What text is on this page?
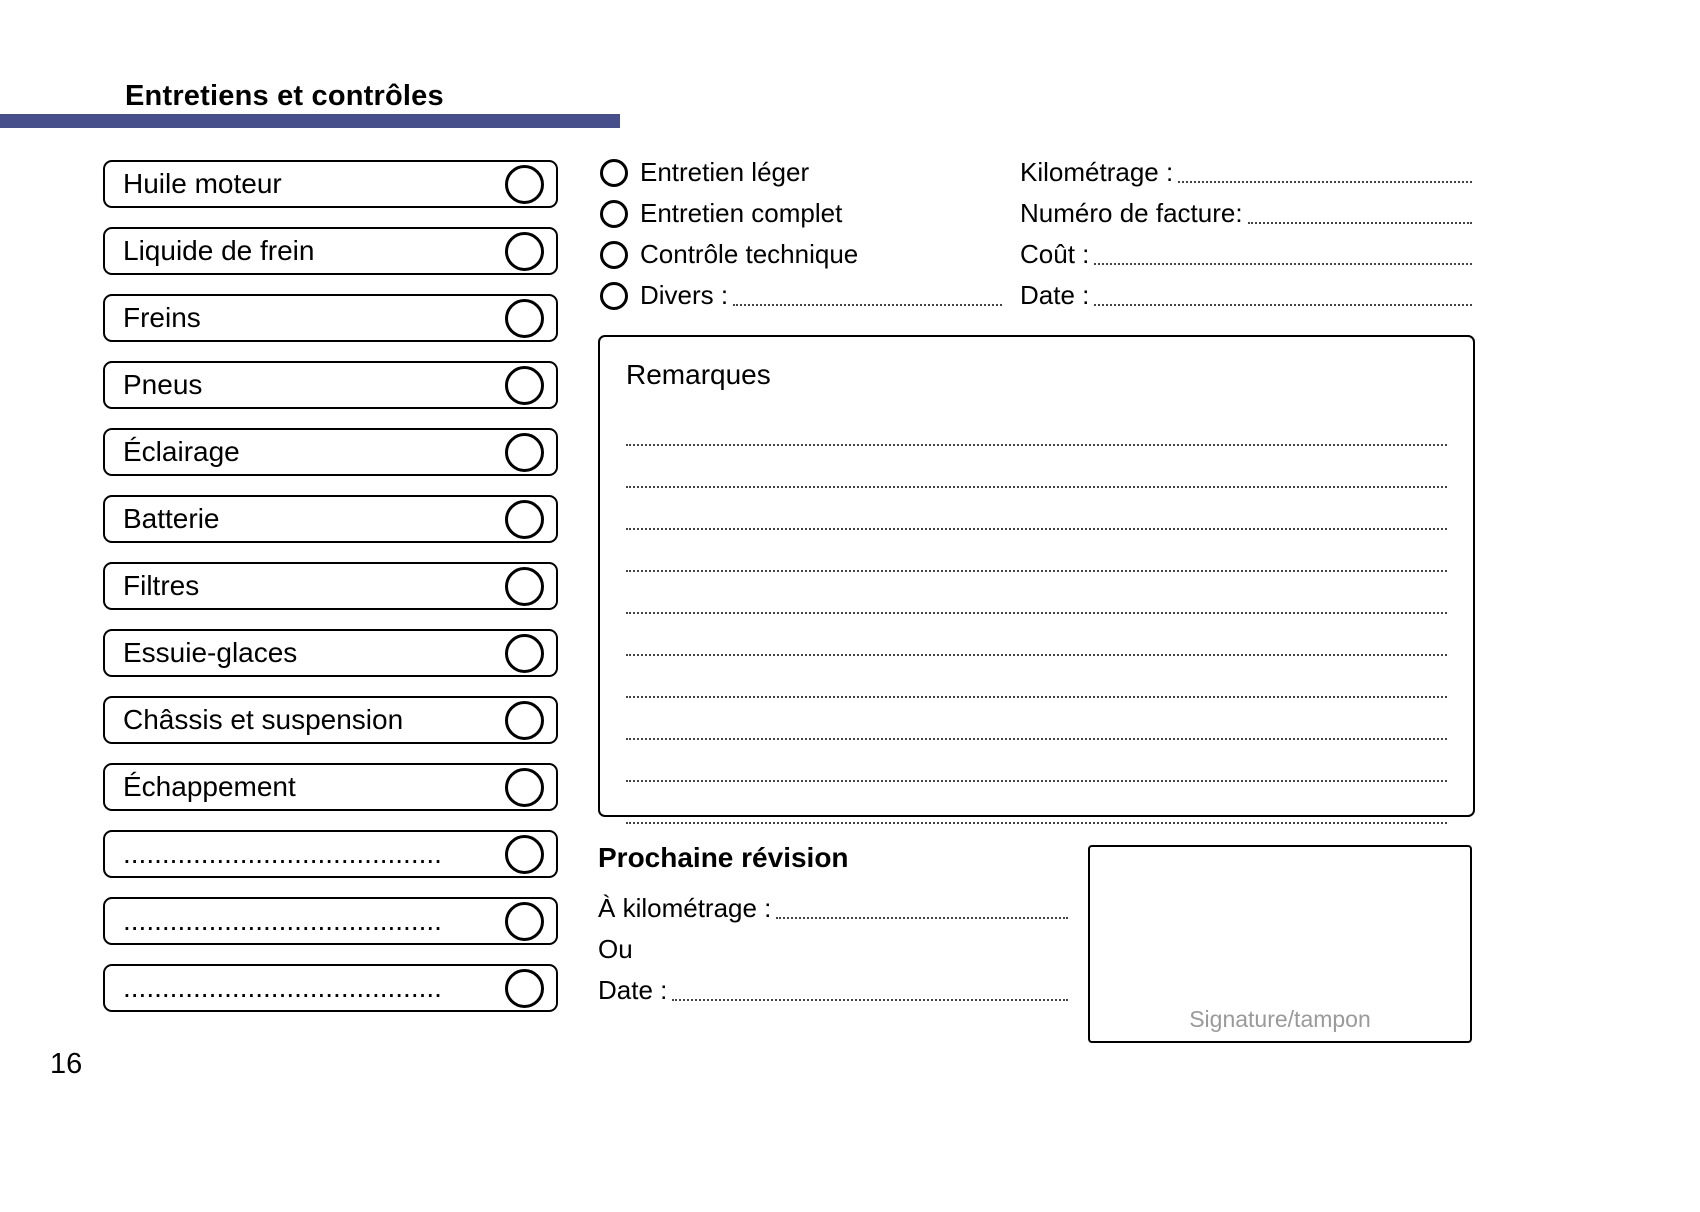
Entretiens et contrôles
Huile moteur
Liquide de frein
Freins
Pneus
Éclairage
Batterie
Filtres
Essuie-glaces
Châssis et suspension
Échappement
.........................................
.........................................
.........................................
Entretien léger
Entretien complet
Contrôle technique
Divers :
Kilométrage :
Numéro de facture:
Coût :
Date :
Remarques
Prochaine révision
À kilométrage :
Ou
Date :
Signature/tampon
16
